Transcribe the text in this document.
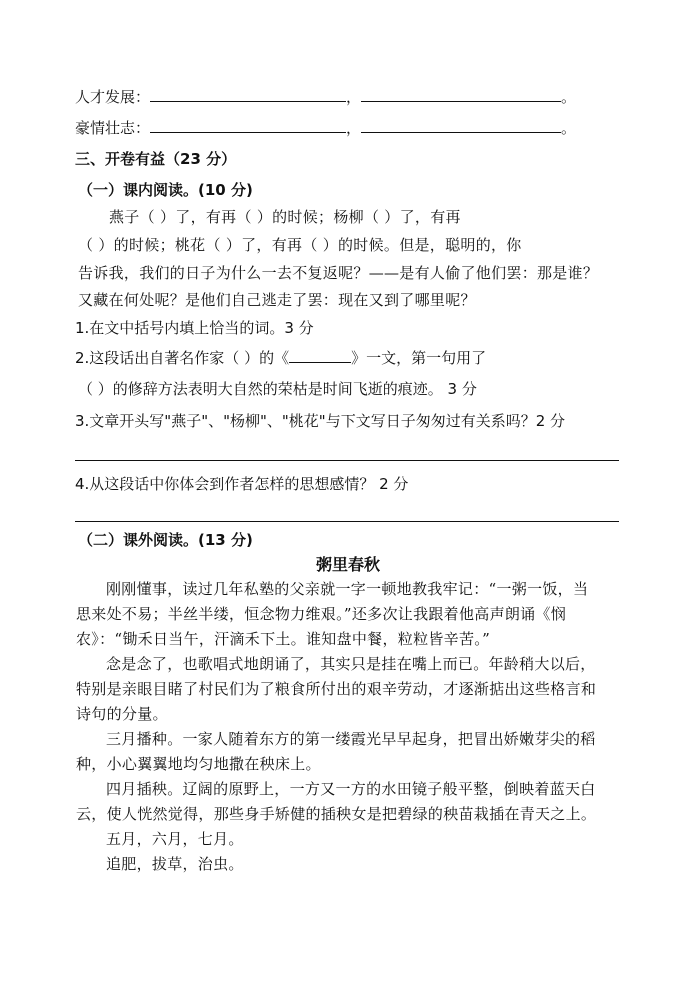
人才发展：	，	。
豪情壮志：	，	。
三、开卷有益（23 分）
（一）课内阅读。(10 分)
燕子（ ）了，有再（ ）的时候；杨柳（ ）了，有再
（ ）的时候；桃花（ ）了，有再（ ）的时候。但是，聪明的，你
告诉我，我们的日子为什么一去不复返呢？——是有人偷了他们罢：那是谁？
又藏在何处呢？是他们自己逃走了罢：现在又到了哪里呢？
1.在文中括号内填上恰当的词。3 分
2.这段话出自著名作家（ ）的《	》一文，第一句用了
（ ）的修辞方法表明大自然的荣枯是时间飞逝的痕迹。 3 分
3.文章开头写"燕子"、"杨柳"、"桃花"与下文写日子匆匆过有关系吗？2 分
4.从这段话中你体会到作者怎样的思想感情？ 2 分
（二）课外阅读。(13 分)
粥里春秋
刚刚懂事，读过几年私塾的父亲就一字一顿地教我牢记：“一粥一饭，当
思来处不易；半丝半缕，恒念物力维艰。”还多次让我跟着他高声朗诵《悯
农》：“锄禾日当午，汗滴禾下土。谁知盘中餐，粒粒皆辛苦。”
念是念了，也歌唱式地朗诵了，其实只是挂在嘴上而已。年龄稍大以后，
特别是亲眼目睹了村民们为了粮食所付出的艰辛劳动，才逐渐掂出这些格言和
诗句的分量。
三月播种。一家人随着东方的第一缕霞光早早起身，把冒出娇嫩芽尖的稻
种，小心翼翼地均匀地撒在秧床上。
四月插秧。辽阔的原野上，一方又一方的水田镜子般平整，倒映着蓝天白
云，使人恍然觉得，那些身手矫健的插秧女是把碧绿的秧苗栽插在青天之上。
五月，六月，七月。
追肥，拔草，治虫。
